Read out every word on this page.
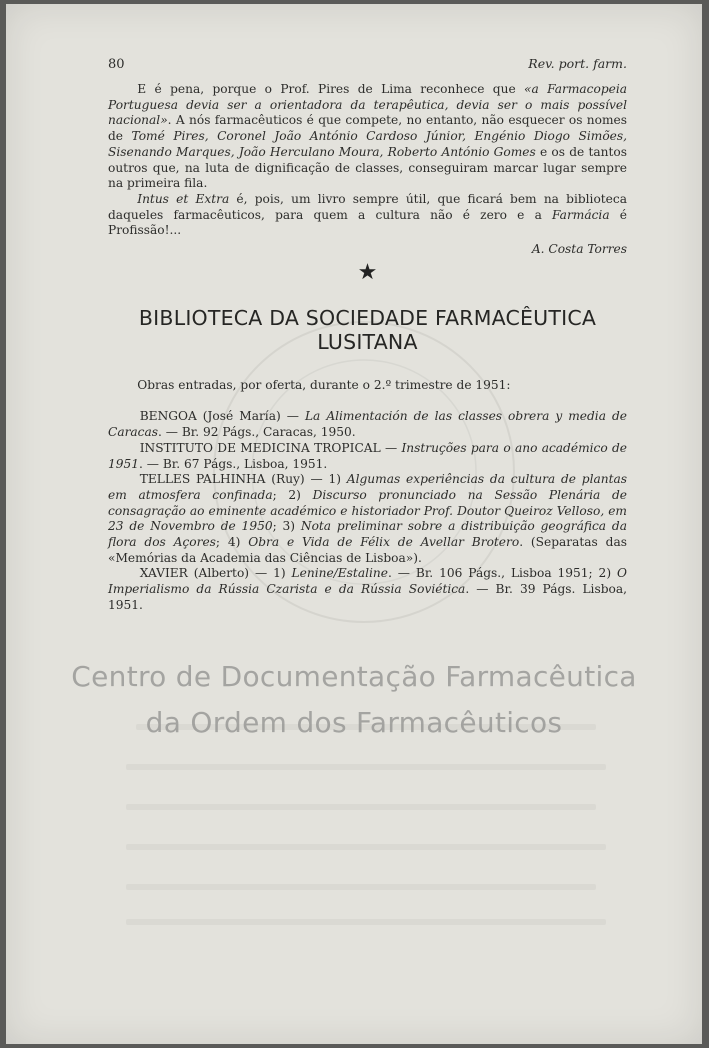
80	Rev. port. farm.

E é pena, porque o Prof. Pires de Lima reconhece que «a Farmacopeia Portuguesa devia ser a orientadora da terapêutica, devia ser o mais possível nacional». A nós farmacêuticos é que compete, no entanto, não esquecer os nomes de Tomé Pires, Coronel João António Cardoso Júnior, Engénio Diogo Simões, Sisenando Marques, João Herculano Moura, Roberto António Gomes e os de tantos outros que, na luta de dignificação de classes, conseguiram marcar lugar sempre na primeira fila.

Intus et Extra é, pois, um livro sempre útil, que ficará bem na biblioteca daqueles farmacêuticos, para quem a cultura não é zero e a Farmácia é Profissão!...

A. Costa Torres

★
BIBLIOTECA DA SOCIEDADE FARMACÊUTICA
LUSITANA

Obras entradas, por oferta, durante o 2.º trimestre de 1951:

BENGOA (José María) — La Alimentación de las classes obrera y media de Caracas. — Br. 92 Págs., Caracas, 1950.

INSTITUTO DE MEDICINA TROPICAL — Instruções para o ano académico de 1951. — Br. 67 Págs., Lisboa, 1951.

TELLES PALHINHA (Ruy) — 1) Algumas experiências da cultura de plantas em atmosfera confinada; 2) Discurso pronunciado na Sessão Plenária de consagração ao eminente académico e historiador Prof. Doutor Queiroz Velloso, em 23 de Novembro de 1950; 3) Nota preliminar sobre a distribuição geográfica da flora dos Açores; 4) Obra e Vida de Félix de Avellar Brotero. (Separatas das «Memórias da Academia das Ciências de Lisboa»).

XAVIER (Alberto) — 1) Lenine/Estaline. — Br. 106 Págs., Lisboa 1951; 2) O Imperialismo da Rússia Czarista e da Rússia Soviética. — Br. 39 Págs. Lisboa, 1951.

Centro de Documentação Farmacêutica
da Ordem dos Farmacêuticos
